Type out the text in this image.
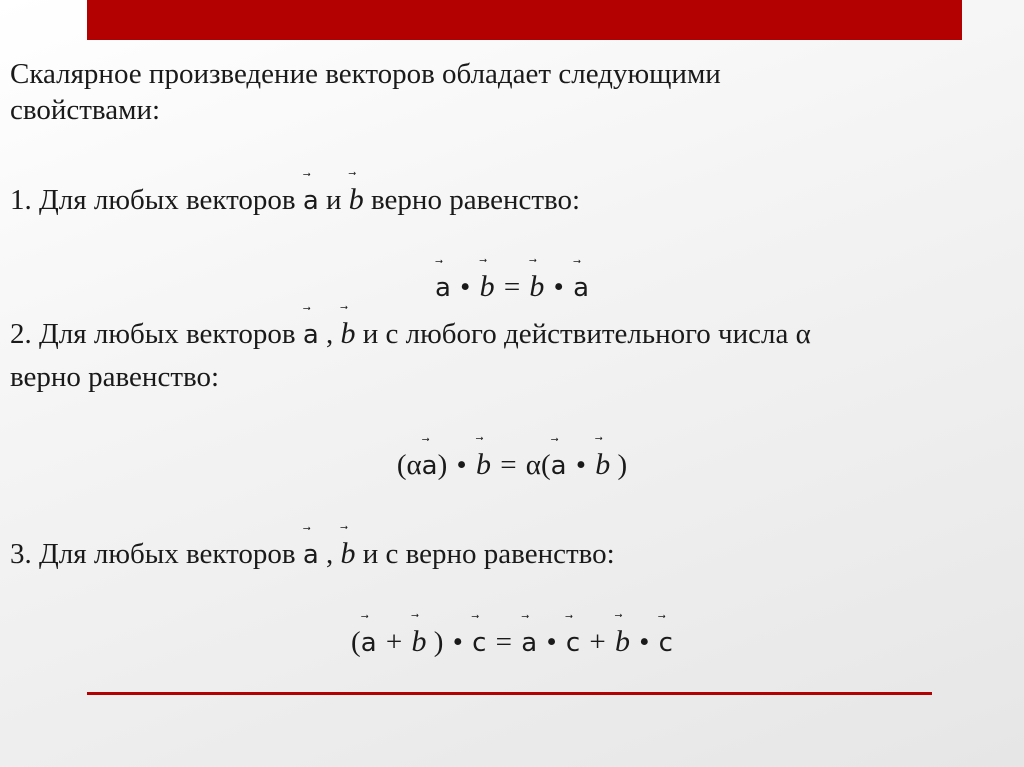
Скалярное произведение векторов обладает следующими
свойствами:
1. Для любых векторов a и b верно равенство:
a • b = b • a
2. Для любых векторов a , b и с любого действительного числа α
верно равенство:
(αa
) • b = α(a • b
)
3. Для любых векторов a , b и с верно равенство:
(a + b
) • c = a • c + b • c
